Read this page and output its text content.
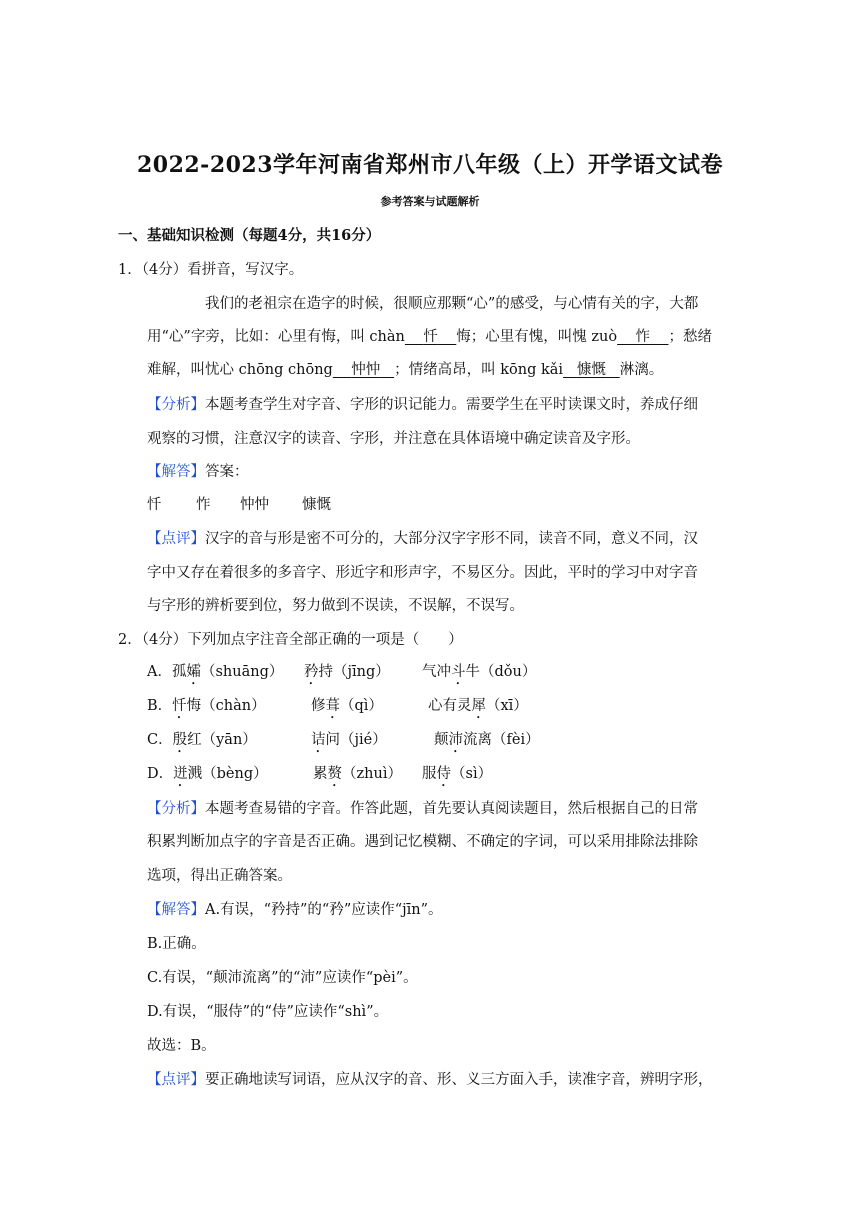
2022-2023学年河南省郑州市八年级（上）开学语文试卷
参考答案与试题解析
一、基础知识检测（每题4分，共16分）
1．（4分）看拼音，写汉字。
我们的老祖宗在造字的时候，很顺应那颗“心”的感受，与心情有关的字，大都
用“心”字旁，比如：心里有悔，叫 chàn 忏 悔；心里有愧，叫愧 zuò 怍 ；愁绪
难解，叫忧心 chōng chōng 忡忡 ；情绪高昂，叫 kōng kǎi 慷慨 淋漓。
【分析】本题考查学生对字音、字形的识记能力。需要学生在平时读课文时，养成仔细
观察的习惯，注意汉字的读音、字形，并注意在具体语境中确定读音及字形。
【解答】答案：
忏 怍 忡忡 慷慨
【点评】汉字的音与形是密不可分的，大部分汉字字形不同，读音不同，意义不同，汉
字中又存在着很多的多音字、形近字和形声字，不易区分。因此，平时的学习中对字音
与字形的辨析要到位，努力做到不误读，不误解，不误写。
2．（4分）下列加点字注音全部正确的一项是（　　）
A．孤孀（shuāng） 矜持（jīng） 气冲斗牛（dǒu）
B．忏悔（chàn）	修葺（qì）	心有灵犀（xī）
C．殷红（yān）	诘问（jié）	颠沛流离（fèi）
D．迸溅（bèng）	累赘（zhuì） 服侍（sì）
【分析】本题考查易错的字音。作答此题，首先要认真阅读题目，然后根据自己的日常
积累判断加点字的字音是否正确。遇到记忆模糊、不确定的字词，可以采用排除法排除
选项，得出正确答案。
【解答】A.有误，“矜持”的“矜”应读作“jīn”。
B.正确。
C.有误，“颠沛流离”的“沛”应读作“pèi”。
D.有误，“服侍”的“侍”应读作“shì”。
故选：B。
【点评】要正确地读写词语，应从汉字的音、形、义三方面入手，读准字音，辨明字形，
